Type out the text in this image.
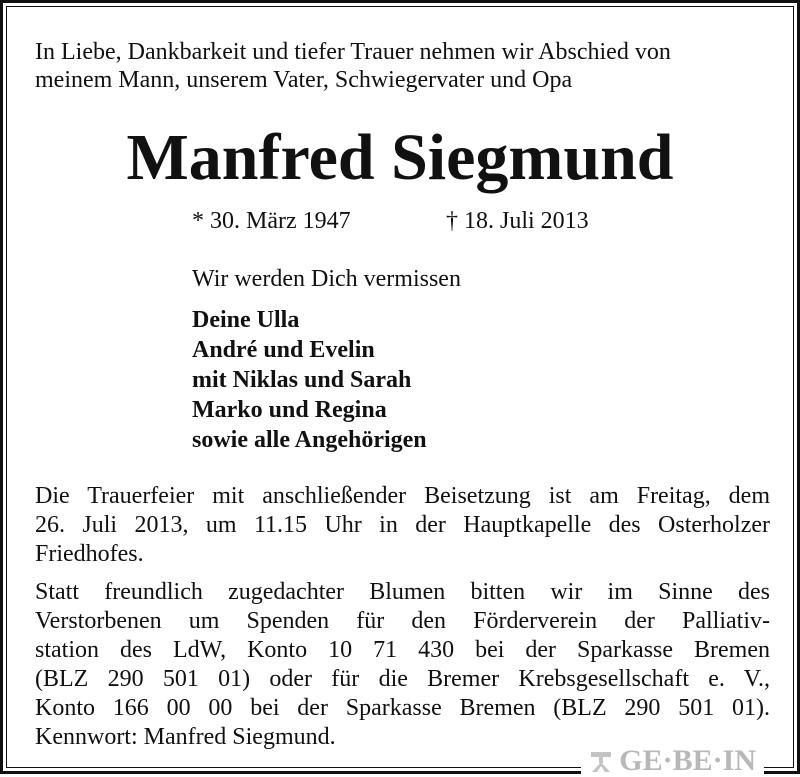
In Liebe, Dankbarkeit und tiefer Trauer nehmen wir Abschied von
meinem Mann, unserem Vater, Schwiegervater und Opa
Manfred Siegmund
* 30. März 1947	† 18. Juli 2013
Wir werden Dich vermissen
Deine Ulla
André und Evelin
mit Niklas und Sarah
Marko und Regina
sowie alle Angehörigen
Die Trauerfeier mit anschließender Beisetzung ist am Freitag, dem
26. Juli 2013, um 11.15 Uhr in der Hauptkapelle des Osterholzer
Friedhofes.
Statt freundlich zugedachter Blumen bitten wir im Sinne des
Verstorbenen um Spenden für den Förderverein der Palliativ-
station des LdW, Konto 10 71 430 bei der Sparkasse Bremen
(BLZ 290 501 01) oder für die Bremer Krebsgesellschaft e. V.,
Konto 166 00 00 bei der Sparkasse Bremen (BLZ 290 501 01).
Kennwort: Manfred Siegmund.
GE·BE·IN
